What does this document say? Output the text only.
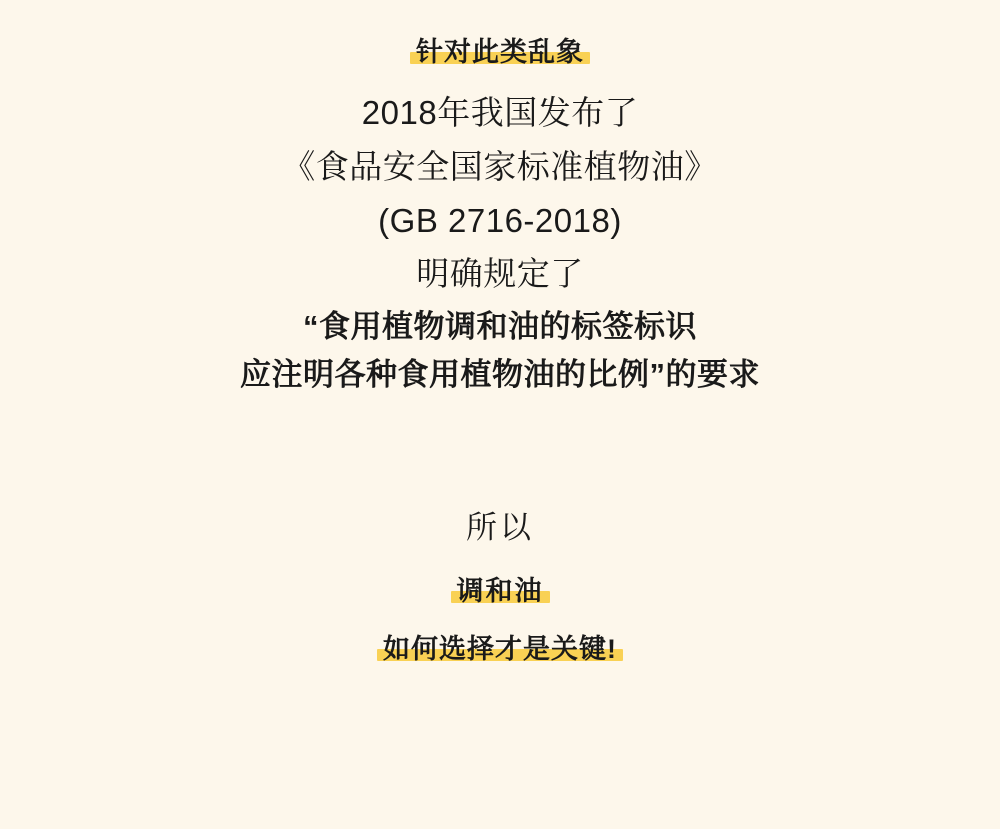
针对此类乱象
2018年我国发布了
《食品安全国家标准植物油》
(GB 2716-2018)
明确规定了
“食用植物调和油的标签标识
应注明各种食用植物油的比例”的要求
所以
调和油
如何选择才是关键!
